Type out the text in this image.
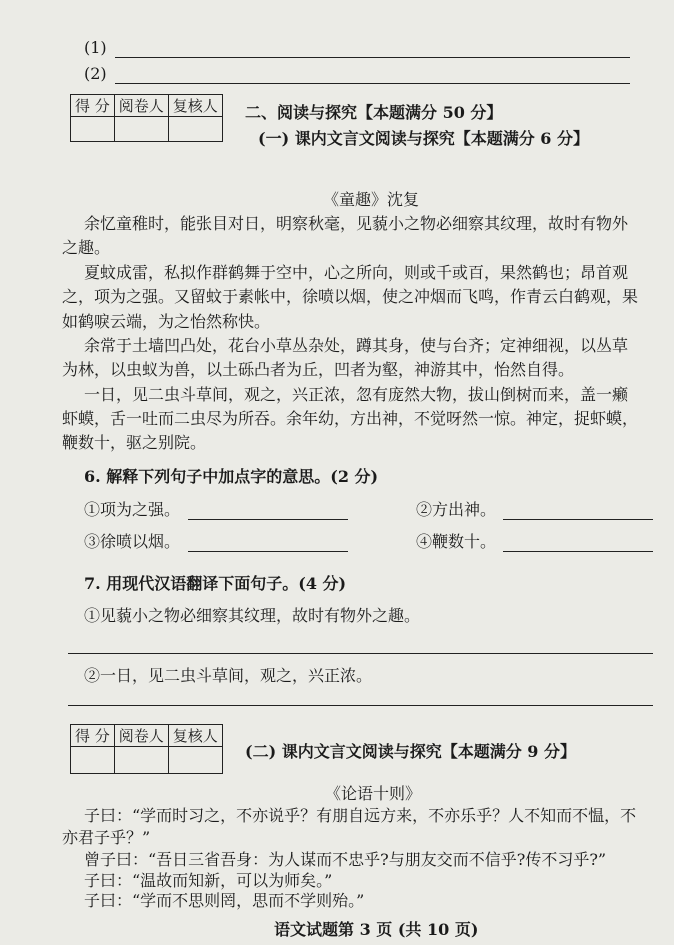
(1)
(2)
得 分	阅卷人	复核人
		二、阅读与探究【本题满分 50 分】
(一) 课内文言文阅读与探究【本题满分 6 分】
《童趣》沈复
余忆童稚时，能张目对日，明察秋毫，见藐小之物必细察其纹理，故时有物外
之趣。
夏蚊成雷，私拟作群鹤舞于空中，心之所向，则或千或百，果然鹤也；昂首观
之，项为之强。又留蚊于素帐中，徐喷以烟，使之冲烟而飞鸣，作青云白鹤观，果
如鹤唳云端，为之怡然称快。
余常于土墙凹凸处，花台小草丛杂处，蹲其身，使与台齐；定神细视，以丛草
为林，以虫蚁为兽，以土砾凸者为丘，凹者为壑，神游其中，怡然自得。
一日，见二虫斗草间，观之，兴正浓，忽有庞然大物，拔山倒树而来，盖一癞
虾蟆，舌一吐而二虫尽为所吞。余年幼，方出神，不觉呀然一惊。神定，捉虾蟆，
鞭数十，驱之别院。
6. 解释下列句子中加点字的意思。(2 分)
①项为之强。	②方出神。
③徐喷以烟。	④鞭数十。
7. 用现代汉语翻译下面句子。(4 分)
①见藐小之物必细察其纹理，故时有物外之趣。
②一日，见二虫斗草间，观之，兴正浓。
得 分	阅卷人	复核人

(二) 课内文言文阅读与探究【本题满分 9 分】
《论语十则》
子曰：“学而时习之，不亦说乎？有朋自远方来，不亦乐乎？人不知而不愠，不
亦君子乎？”
曾子曰：“吾日三省吾身：为人谋而不忠乎?与朋友交而不信乎?传不习乎?”
子曰：“温故而知新，可以为师矣。”
子曰：“学而不思则罔，思而不学则殆。”
语文试题第 3 页 (共 10 页)
